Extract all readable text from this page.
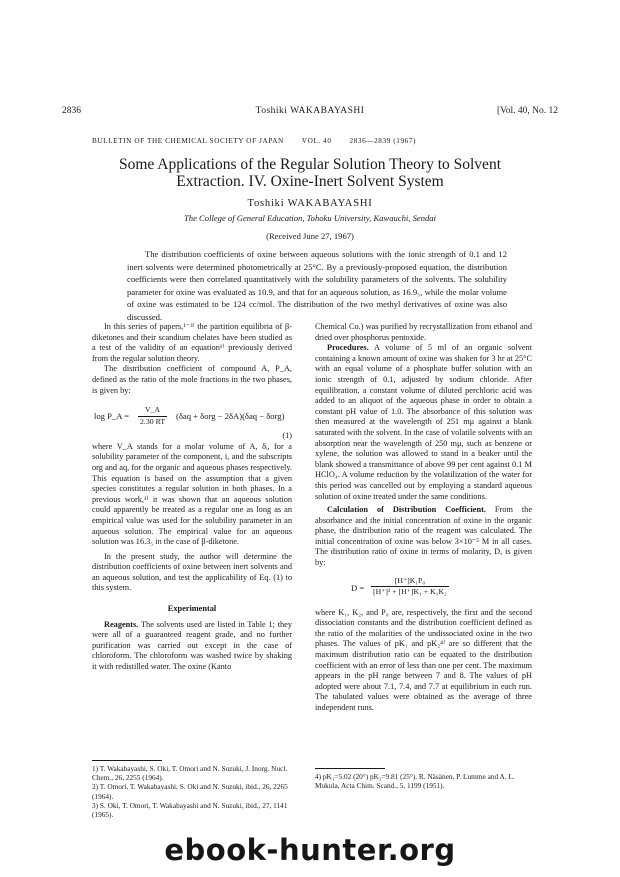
2836	Toshiki WAKABAYASHI	[Vol. 40, No. 12
BULLETIN OF THE CHEMICAL SOCIETY OF JAPAN	VOL. 40	2836—2839 (1967)
Some Applications of the Regular Solution Theory to Solvent
Extraction. IV. Oxine-Inert Solvent System
Toshiki WAKABAYASHI
The College of General Education, Tohoku University, Kawauchi, Sendai
(Received June 27, 1967)
The distribution coefficients of oxine between aqueous solutions with the ionic strength of 0.1 and 12 inert solvents were determined photometrically at 25°C. By a previously-proposed equation, the distribution coefficients were then correlated quantitatively with the solubility parameters of the solvents. The solubility parameter for oxine was evaluated as 10.9, and that for an aqueous solution, as 16.9₅, while the molar volume of oxine was estimated to be 124 cc/mol. The distribution of the two methyl derivatives of oxine was also discussed.

In this series of papers,¹⁻³⁾ the partition equilibria of β-diketones and their scandium chelates have been studied as a test of the validity of an equation¹⁾ previously derived from the regular solution theory.

The distribution coefficient of compound A, P_A, defined as the ratio of the mole fractions in the two phases, is given by:

log P_A = $\frac{V\_A}{2.30 RT} (\delta aq + \delta org - 2\delta A)(\delta aq - \delta org)$
(1)

where V_A stands for a molar volume of A, δᵢ, for a solubility parameter of the component, i, and the subscripts org and aq, for the organic and aqueous phases respectively. This equation is based on the assumption that a given species constitutes a regular solution in both phases. In a previous work,¹⁾ it was shown that an aqueous solution could apparently be treated as a regular one as long as an empirical value was used for the solubility parameter in an aqueous solution. The empirical value for an aqueous solution was 16.3₅ in the case of β-diketone.

In the present study, the author will determine the distribution coefficients of oxine between inert solvents and an aqueous solution, and test the applicability of Eq. (1) to this system.

Experimental

Reagents. The solvents used are listed in Table 1; they were all of a guaranteed reagent grade, and no further purification was carried out except in the case of chloroform. The chloroform was washed twice by shaking it with redistilled water. The oxine (Kanto

1) T. Wakabayashi, S. Oki, T. Omori and N. Suzuki, J. Inorg. Nucl. Chem., 26, 2255 (1964).
2) T. Omori, T. Wakabayashi, S. Oki and N. Suzuki, ibid., 26, 2265 (1964).
3) S. Oki, T. Omori, T. Wakabayashi and N. Suzuki, ibid., 27, 1141 (1965).

Chemical Co.) was purified by recrystallization from ethanol and dried over phosphorus pentoxide.

Procedures. A volume of 5 ml of an organic solvent containing a known amount of oxine was shaken for 3 hr at 25°C with an equal volume of a phosphate buffer solution with an ionic strength of 0.1, adjusted by sodium chloride. After equilibration, a constant volume of diluted perchloric acid was added to an aliquot of the aqueous phase in order to obtain a constant pH value of 1.0. The absorbance of this solution was then measured at the wavelength of 251 mμ against a blank saturated with the solvent. In the case of volatile solvents with an absorption near the wavelength of 250 mμ, such as benzene or xylene, the solution was allowed to stand in a beaker until the blank showed a transmittance of above 99 per cent against 0.1 M HClO₄. A volume reduction by the volatilization of the water for this period was cancelled out by employing a standard aqueous solution of oxine treated under the same conditions.

Calculation of Distribution Coefficient. From the absorbance and the initial concentration of oxine in the organic phase, the distribution ratio of the reagent was calculated. The initial concentration of oxine was below 3×10⁻⁵ M in all cases. The distribution ratio of oxine in terms of molarity, D, is given by:

$D = \frac{\text{[H⁺]K₁P₀}}{\text{[H⁺]² + [H⁺]K₁ + K₁K₂}}$

where K₁, K₂, and P₀ are, respectively, the first and the second dissociation constants and the distribution coefficient defined as the ratio of the molarities of the undissociated oxine in the two phases. The values of pK₁ and pK₂⁴⁾ are so different that the maximum distribution ratio can be equated to the distribution coefficient with an error of less than one per cent. The maximum appears in the pH range between 7 and 8. The values of pH adopted were about 7.1, 7.4, and 7.7 at equilibrium in each run. The tabulated values were obtained as the average of three independent runs.

4) pK₁=5.02 (20°) pK₂=9.81 (25°). R. Näsänen, P. Lumme and A. L. Mukula, Acta Chim. Scand., 5, 1199 (1951).
ebook-hunter.org
